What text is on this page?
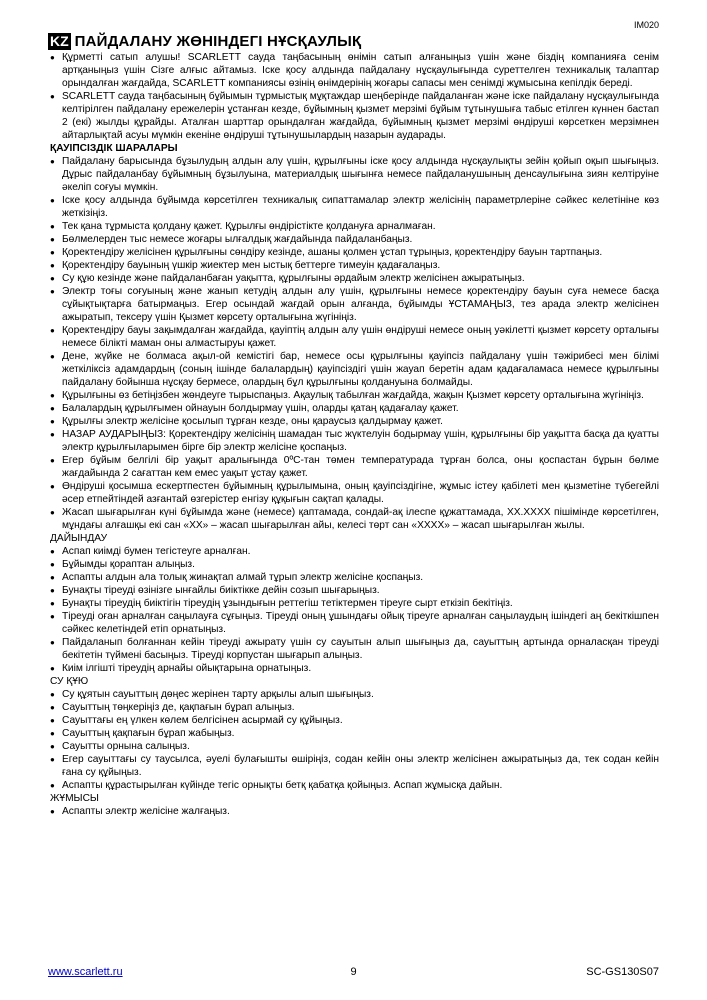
IM020
KZ ПАЙДАЛАНУ ЖӨНІНДЕГІ НҰСҚАУЛЫҚ
● Құрметті сатып алушы! SCARLETT сауда таңбасының өнімін сатып алғаныңыз үшін және біздің компанияға сенім артқаныңыз үшін Сізге алғыс айтамыз. Іске қосу алдында пайдалану нұсқаулығында суреттелген техникалық талаптар орындалған жағдайда, SCARLETT компаниясы өзінің өнімдерінің жоғары сапасы мен сенімді жұмысына кепілдік береді.
● SCARLETT сауда таңбасының бұйымын тұрмыстық мұқтаждар шеңберінде пайдаланған және іске пайдалану нұсқаулығында келтірілген пайдалану ережелерін ұстанған кезде, бұйымның қызмет мерзімі бұйым тұтынушыға табыс етілген күннен бастап 2 (екі) жылды құрайды. Аталған шарттар орындалған жағдайда, бұйымның қызмет мерзімі өндіруші көрсеткен мерзімнен айтарлықтай асуы мүмкін екеніне өндіруші тұтынушылардың назарын аударады.
ҚАУІПСІЗДІК ШАРАЛАРЫ
● Пайдалану барысында бұзылудың алдын алу үшін, құрылғыны іске қосу алдында нұсқаулықты зейін қойып оқып шығыңыз. Дұрыс пайдаланбау бұйымның бұзылуына, материалдық шығынға немесе пайдаланушының денсаулығына зиян келтіруіне әкеліп соғуы мүмкін.
● Іске қосу алдында бұйымда көрсетілген техникалық сипаттамалар электр желісінің параметрлеріне сәйкес келетініне көз жеткізіңіз.
● Тек қана тұрмыста қолдану қажет. Құрылғы өндірістікте қолдануға арналмаған.
● Бөлмелерден тыс немесе жоғары ылғалдық жағдайында пайдаланбаңыз.
● Қоректендіру желісінен құрылғыны сөндіру кезінде, ашаны қолмен ұстап тұрыңыз, қоректендіру бауын тартпаңыз.
● Қоректендіру бауының үшкір жиектер мен ыстық беттерге тимеуін қадағалаңыз.
● Су құю кезінде және пайдаланбаған уақытта, құрылғыны әрдайым электр желісінен ажыратыңыз.
● Электр тоғы соғуының және жанып кетудің алдын алу үшін, құрылғыны немесе қоректендіру бауын суға немесе басқа сұйықтықтарға батырмаңыз. Егер осындай жағдай орын алғанда, бұйымды ҰСТАМАҢЫЗ, тез арада электр желісінен ажыратып, тексеру үшін Қызмет көрсету орталығына жүгініңіз.
● Қоректендіру бауы зақымдалған жағдайда, қауіптің алдын алу үшін өндіруші немесе оның уәкілетті қызмет көрсету орталығы немесе білікті маман оны алмастыруы қажет.
● Дене, жүйке не болмаса ақыл-ой кемістігі бар, немесе осы құрылғыны қауіпсіз пайдалану үшін тәжірибесі мен білімі жеткіліксіз адамдардың (соның ішінде балалардың) қауіпсіздігі үшін жауап беретін адам қадағаламаса немесе құрылғыны пайдалану бойынша нұсқау бермесе, олардың бұл құрылғыны қолдануына болмайды.
● Құрылғыны өз бетіңізбен жөндеуге тырыспаңыз. Ақаулық табылған жағдайда, жақын Қызмет көрсету орталығына жүгініңіз.
● Балалардың құрылғымен ойнауын болдырмау үшін, оларды қатаң қадағалау қажет.
● Құрылғы электр желісіне қосылып тұрған кезде, оны қараусыз қалдырмау қажет.
● НАЗАР АУДАРЫҢЫЗ: Қоректендіру желісінің шамадан тыс жүктелуін бодырмау үшін, құрылғыны бір уақытта басқа да қуатты электр құрылғыларымен бірге бір электр желісіне қоспаңыз.
● Егер бұйым белгілі бір уақыт аралығында 0ºC-тан төмен температурада тұрған болса, оны қоспастан бұрын бөлме жағдайында 2 сағаттан кем емес уақыт ұстау қажет.
● Өндіруші қосымша ескертпестен бұйымның құрылымына, оның қауіпсіздігіне, жұмыс істеу қабілеті мен қызметіне түбегейлі әсер етпейтіндей азғантай өзгерістер енгізу құқығын сақтап қалады.
● Жасап шығарылған күні бұйымда және (немесе) қаптамада, сондай-ақ ілеспе құжаттамада, XX.XXXX пішімінде көрсетілген, мұндағы алғашқы екі сан «XX» – жасап шығарылған айы, келесі төрт сан «XXXX» – жасап шығарылған жылы.
ДАЙЫНДАУ
● Аспап киімді бумен тегістеуге арналған.
● Бұйымды қораптан алыңыз.
● Аспапты алдын ала толық жинақтап алмай тұрып электр желісіне қоспаңыз.
● Бунақты тіреуді өзінізге ынғайлы биіктікке дейін созып шығарыңыз.
● Бунақты тіреудің биіктігін тіреудің ұзындығын реттегіш тетіктермен тіреуге сырт еткізіп бекітіңіз.
● Тіреуді оған арналған саңылауға сұғыңыз. Тіреуді оның ұшындағы ойық тіреуге арналған саңылаудың ішіндегі аң бекіткішпен сәйкес келетіндей етіп орнатыңыз.
● Пайдаланып болғаннан кейін тіреуді ажырату үшін су сауытын алып шығыңыз да, сауыттың артында орналасқан тіреуді бекітетін түймені басыңыз. Тіреуді корпустан шығарып алыңыз.
● Киім ілгішті тіреудің арнайы ойықтарына орнатыңыз.
СУ ҚҰЮ
● Су құятын сауыттың дөңес жерінен тарту арқылы алып шығыңыз.
● Сауыттың төңкеріңіз де, қақпағын бұрап алыңыз.
● Сауыттағы ең үлкен көлем белгісінен асырмай су құйыңыз.
● Сауыттың қақпағын бұрап жабыңыз.
● Сауытты орнына салыңыз.
● Егер сауыттағы су таусылса, әуелі булағышты өшіріңіз, содан кейін оны электр желісінен ажыратыңыз да, тек содан кейін ғана су құйыңыз.
● Аспапты құрастырылған күйінде тегіс орнықты бетқ қабатқа қойыңыз. Аспап жұмысқа дайын.
ЖҰМЫСЫ
● Аспапты электр желісіне жалғаңыз.
www.scarlett.ru	9	SC-GS130S07
